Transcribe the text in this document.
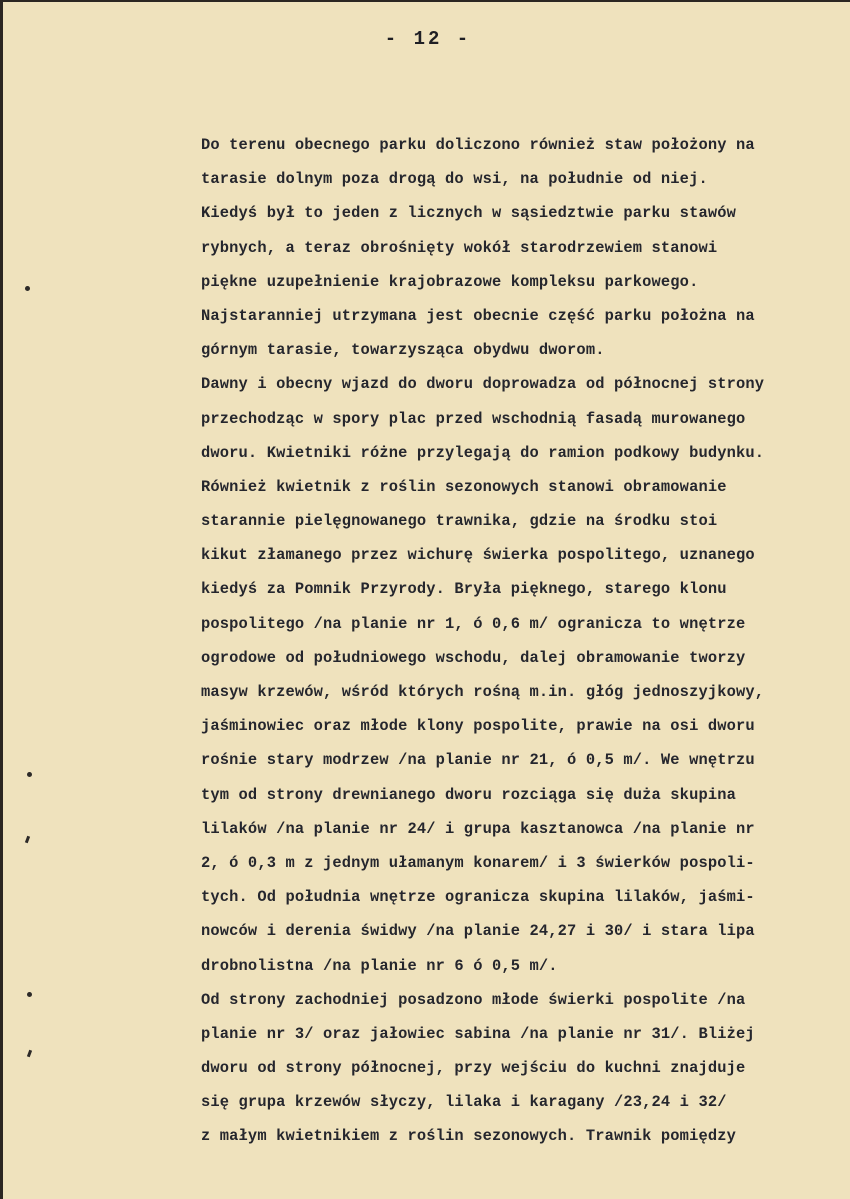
- 12 -
Do terenu obecnego parku doliczono również staw położony na
tarasie dolnym poza drogą do wsi, na południe od niej.
Kiedyś był to jeden z licznych w sąsiedztwie parku stawów
rybnych, a teraz obrośnięty wokół starodrzewiem stanowi
piękne uzupełnienie krajobrazowe kompleksu parkowego.
Najstaranniej utrzymana jest obecnie część parku położna na
górnym tarasie, towarzysząca obydwu dworom.
Dawny i obecny wjazd do dworu doprowadza od północnej strony
przechodząc w spory plac przed wschodnią fasadą murowanego
dworu. Kwietniki różne przylegają do ramion podkowy budynku.
Również kwietnik z roślin sezonowych stanowi obramowanie
starannie pielęgnowanego trawnika, gdzie na środku stoi
kikut złamanego przez wichurę świerka pospolitego, uznanego
kiedyś za Pomnik Przyrody. Bryła pięknego, starego klonu
pospolitego /na planie nr 1, ó 0,6 m/ ogranicza to wnętrze
ogrodowe od południowego wschodu, dalej obramowanie tworzy
masyw krzewów, wśród których rośną m.in. głóg jednoszyjkowy,
jaśminowiec oraz młode klony pospolite, prawie na osi dworu
rośnie stary modrzew /na planie nr 21, ó 0,5 m/. We wnętrzu
tym od strony drewnianego dworu rozciąga się duża skupina
lilaków /na planie nr 24/ i grupa kasztanowca /na planie nr
2, ó 0,3 m z jednym ułamanym konarem/ i 3 świerków pospoli-
tych. Od południa wnętrze ogranicza skupina lilaków, jaśmi-
nowców i derenia świdwy /na planie 24,27 i 30/ i stara lipa
drobnolistna /na planie nr 6 ó 0,5 m/.
Od strony zachodniej posadzono młode świerki pospolite /na
planie nr 3/ oraz jałowiec sabina /na planie nr 31/. Bliżej
dworu od strony północnej, przy wejściu do kuchni znajduje
się grupa krzewów słyczy, lilaka i karagany /23,24 i 32/
z małym kwietnikiem z roślin sezonowych. Trawnik pomiędzy
